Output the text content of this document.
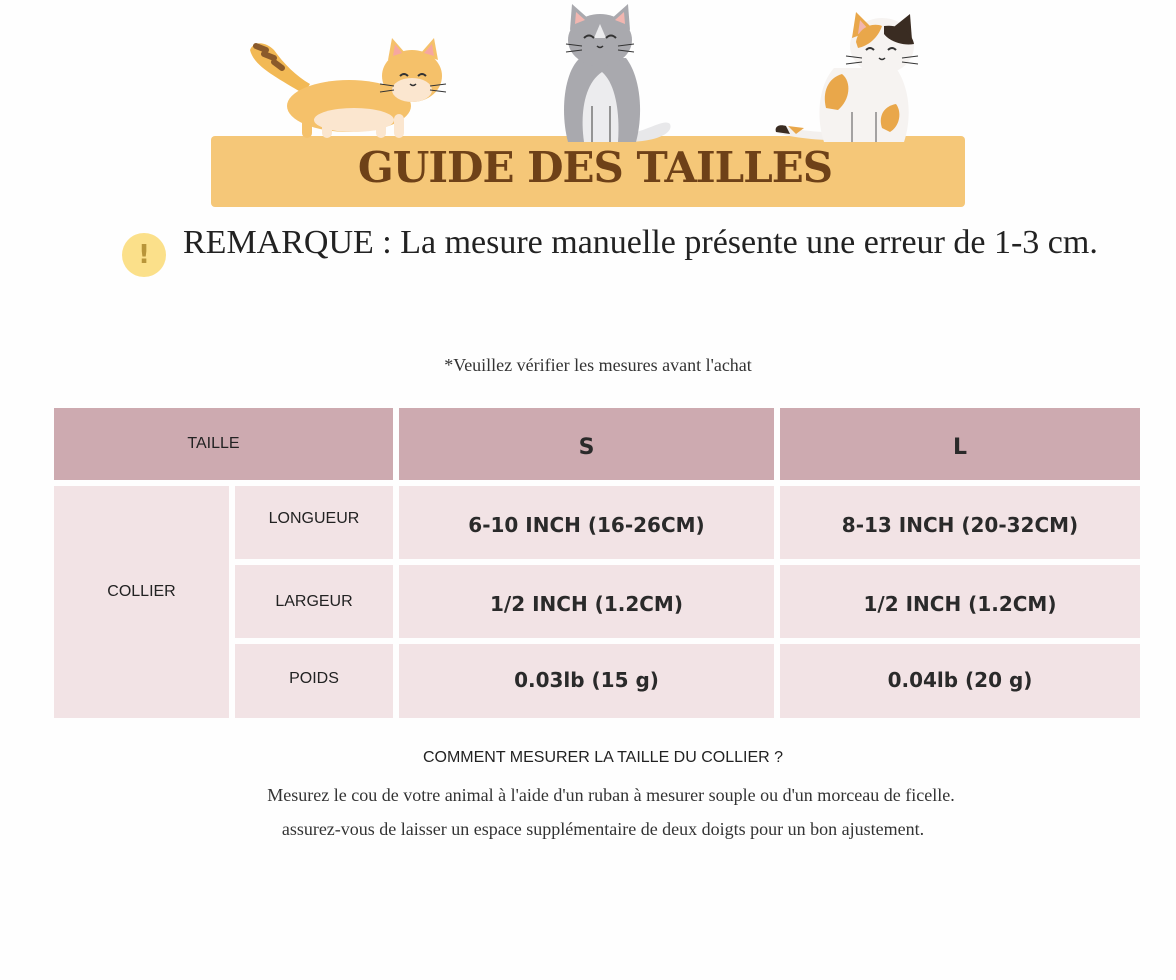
GUIDE DES TAILLES
! REMARQUE : La mesure manuelle présente une erreur de 1-3 cm.
*Veuillez vérifier les mesures avant l'achat
TAILLE	S	L
COLLIER
LONGUEUR	6-10 INCH (16-26CM)	8-13 INCH (20-32CM)
LARGEUR	1/2 INCH (1.2CM)	1/2 INCH (1.2CM)
POIDS	0.03lb (15 g)	0.04lb (20 g)
COMMENT MESURER LA TAILLE DU COLLIER ?
Mesurez le cou de votre animal à l'aide d'un ruban à mesurer souple ou d'un morceau de ficelle.
assurez-vous de laisser un espace supplémentaire de deux doigts pour un bon ajustement.
